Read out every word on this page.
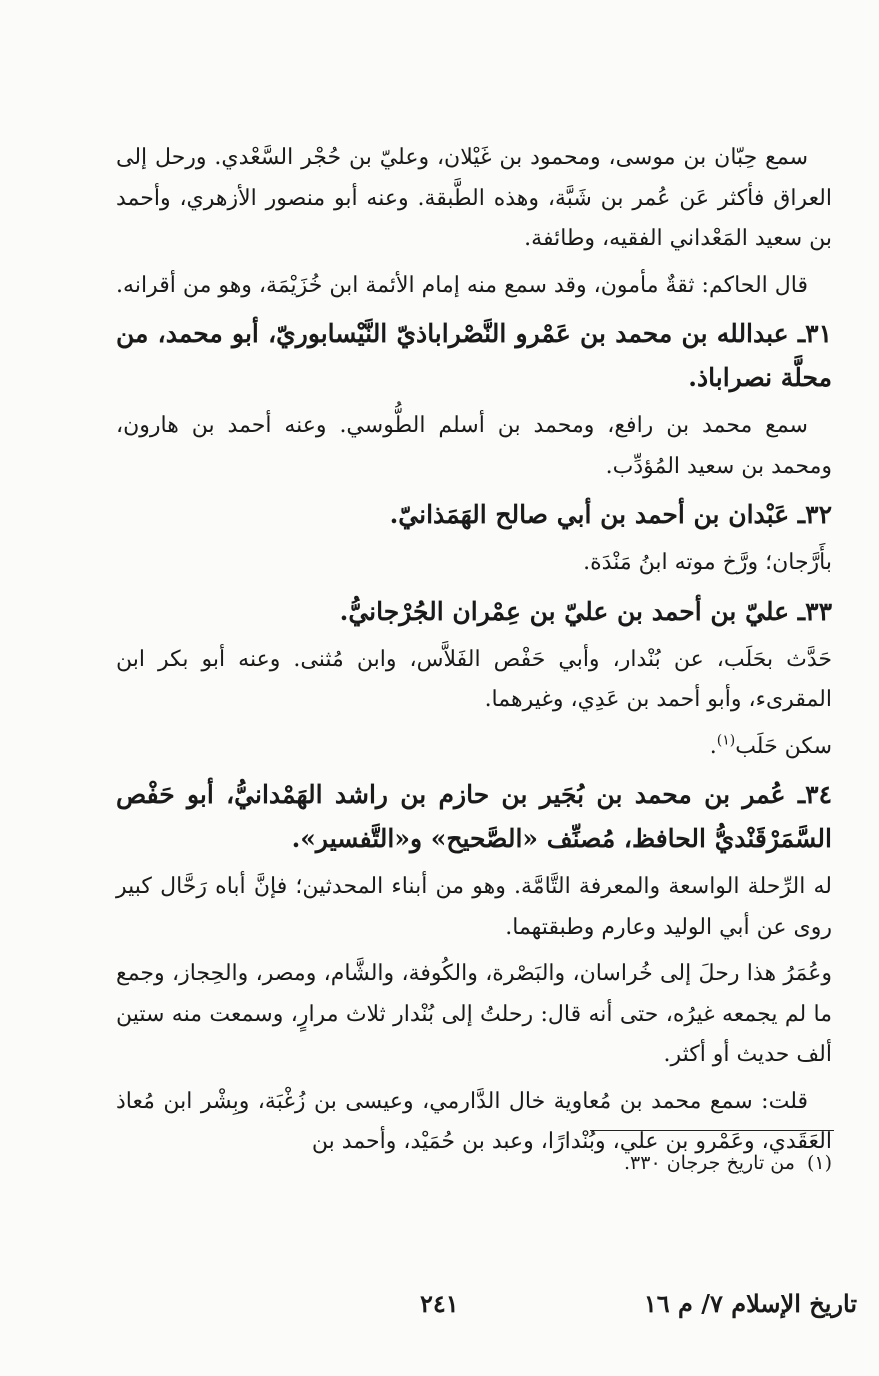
سمع حِبّان بن موسى، ومحمود بن غَيْلان، وعليّ بن حُجْر السَّعْدي. ورحل إلى العراق فأكثر عَن عُمر بن شَبَّة، وهذه الطَّبقة. وعنه أبو منصور الأزهري، وأحمد بن سعيد المَعْداني الفقيه، وطائفة.

قال الحاكم: ثقةٌ مأمون، وقد سمع منه إمام الأئمة ابن خُزَيْمَة، وهو من أقرانه.

٣١ـ عبدالله بن محمد بن عَمْرو النَّصْراباذيّ النَّيْسابوريّ، أبو محمد، من محلَّة نصراباذ.

سمع محمد بن رافع، ومحمد بن أسلم الطُّوسي. وعنه أحمد بن هارون، ومحمد بن سعيد المُؤدِّب.

٣٢ـ عَبْدان بن أحمد بن أبي صالح الهَمَذانيّ.

بأَرَّجان؛ ورَّخ موته ابنُ مَنْدَة.

٣٣ـ عليّ بن أحمد بن عليّ بن عِمْران الجُرْجانيُّ.

حَدَّث بحَلَب، عن بُنْدار، وأبي حَفْص الفَلاَّس، وابن مُثنى. وعنه أبو بكر ابن المقرىء، وأبو أحمد بن عَدِي، وغيرهما.

سكن حَلَب$^{(١)}$.

٣٤ـ عُمر بن محمد بن بُجَير بن حازم بن راشد الهَمْدانيُّ، أبو حَفْص السَّمَرْقَنْديُّ الحافظ، مُصنِّف «الصَّحيح» و«التَّفسير».

له الرِّحلة الواسعة والمعرفة التَّامَّة. وهو من أبناء المحدثين؛ فإنَّ أباه رَحَّال كبير روى عن أبي الوليد وعارم وطبقتهما.

وعُمَرُ هذا رحلَ إلى خُراسان، والبَصْرة، والكُوفة، والشَّام، ومصر، والحِجاز، وجمع ما لم يجمعه غيرُه، حتى أنه قال: رحلتُ إلى بُنْدار ثلاث مرارٍ، وسمعت منه ستين ألف حديث أو أكثر.

قلت: سمع محمد بن مُعاوية خال الدَّارمي، وعيسى بن زُغْبَة، وبِشْر ابن مُعاذ العَقَدي، وعَمْرو بن علي، وبُنْدارًا، وعبد بن حُمَيْد، وأحمد بن

(١)من تاريخ جرجان ٣٣٠.
تاريخ الإسلام ٧/ م ١٦
٢٤١
